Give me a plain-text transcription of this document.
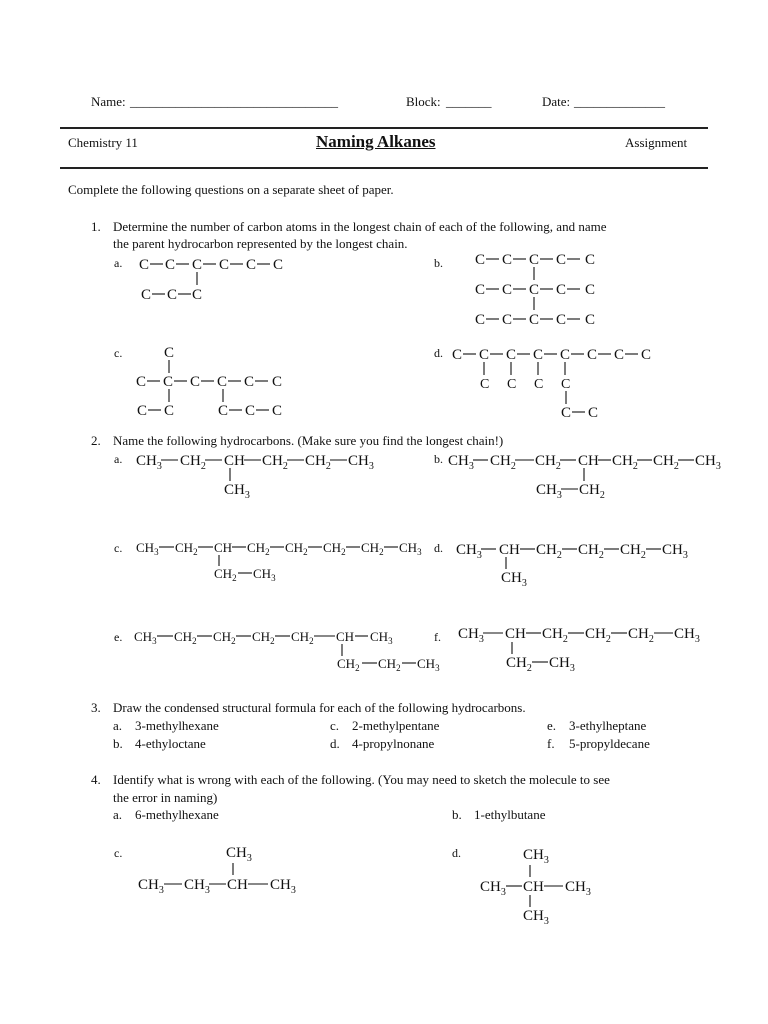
Name: ________________________________	Block: _______	Date: ______________
Chemistry 11	Naming Alkanes	Assignment
Complete the following questions on a separate sheet of paper.
1. Determine the number of carbon atoms in the longest chain of each of the following, and name
the parent hydrocarbon represented by the longest chain.
a. C C C C C C
C C C
b. C C C C C
C C C C C
C C C C C
c.	C
C C C C C C
C C	C C C
d. C C C C C C C C
C C C C
C C
2. Name the following hydrocarbons. (Make sure you find the longest chain!)
a. $CH_3$ $CH_2$ CH $CH_2$ $CH_2$ $CH_3$
$CH_3$
b. $CH_3$ $CH_2$ $CH_2$ CH $CH_2$ $CH_2$ $CH_3$
$CH_3$ $CH_2$
c. $CH_3$ $CH_2$ CH $CH_2$ $CH_2$ $CH_2$ $CH_2$ $CH_3$
$CH_2$ $CH_3$
d. $CH_3$ CH $CH_2$ $CH_2$ $CH_2$ $CH_3$
$CH_3$
e. $CH_3$ $CH_2$ $CH_2$ $CH_2$ $CH_2$ CH $CH_3$
$CH_2$ $CH_2$ $CH_3$
f. $CH_3$ CH $CH_2$ $CH_2$ $CH_2$ $CH_3$
$CH_2$ $CH_3$
3. Draw the condensed structural formula for each of the following hydrocarbons.
a. 3-methylhexane	c. 2-methylpentane	e. 3-ethylheptane
b. 4-ethyloctane	d. 4-propylnonane	f. 5-propyldecane
4. Identify what is wrong with each of the following. (You may need to sketch the molecule to see
the error in naming)
a. 6-methylhexane	b. 1-ethylbutane
c.	$CH_3$
$CH_3$ $CH_3$ CH $CH_3$
d.	$CH_3$
$CH_3$ CH $CH_3$
$CH_3$
